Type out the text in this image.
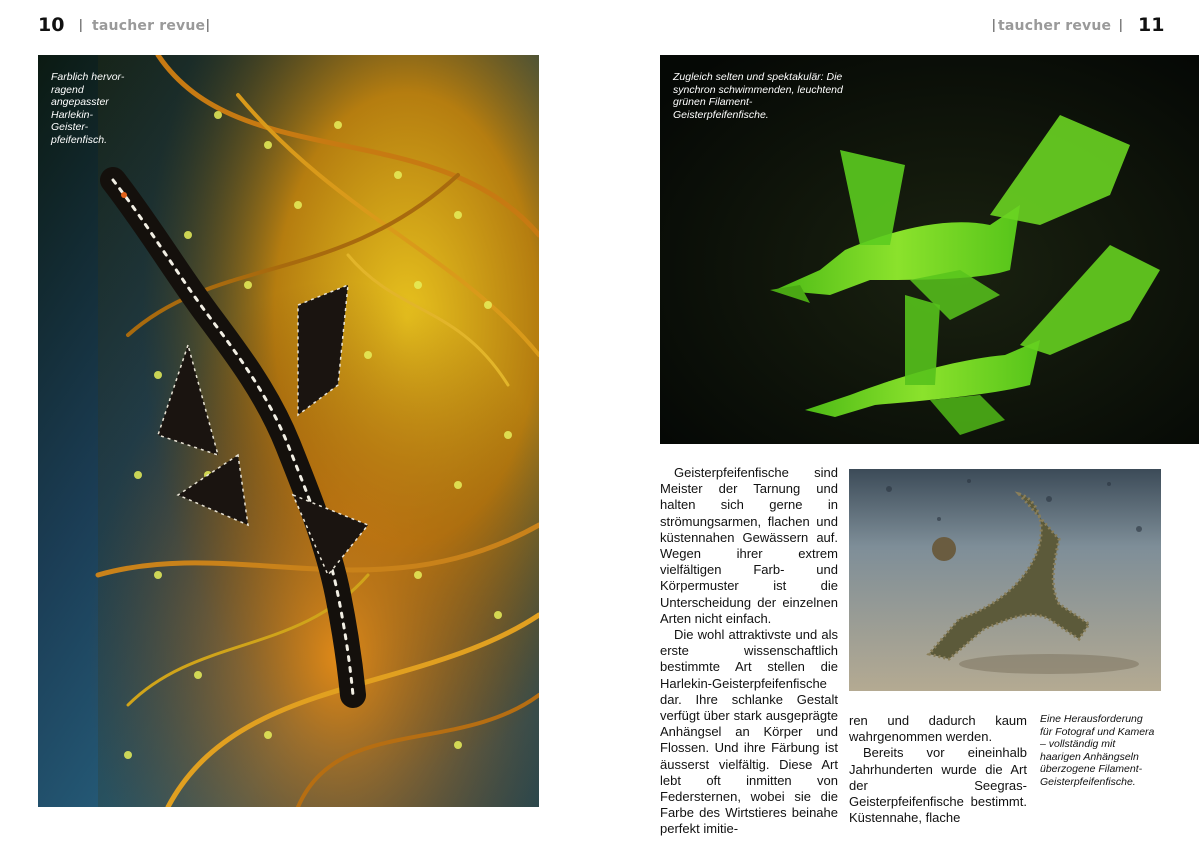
10 | taucher revue |	| taucher revue | 11
Farblich hervor-ragend angepasster Harlekin-Geister-pfeifenfisch.
Zugleich selten und spektakulär: Die synchron schwimmenden, leuchtend grünen Filament-Geisterpfeifenfische.
Eine Herausforderung für Fotograf und Kamera – vollständig mit haarigen Anhängseln überzogene Filament-Geisterpfeifenfische.

Geisterpfeifenfische sind Meister der Tarnung und halten sich gerne in strömungsarmen, flachen und küstennahen Gewässern auf. Wegen ihrer extrem vielfältigen Farb- und Körpermuster ist die Unterscheidung der einzelnen Arten nicht einfach.

Die wohl attraktivste und als erste wissenschaftlich bestimmte Art stellen die Harlekin-Geisterpfeifenfische dar. Ihre schlanke Gestalt verfügt über stark ausgeprägte Anhängsel an Körper und Flossen. Und ihre Färbung ist äusserst vielfältig. Diese Art lebt oft inmitten von Federsternen, wobei sie die Farbe des Wirtstieres beinahe perfekt imitie-

ren und dadurch kaum wahrgenommen werden.

Bereits vor eineinhalb Jahrhunderten wurde die Art der Seegras-Geisterpfeifenfische bestimmt. Küstennahe, flache
